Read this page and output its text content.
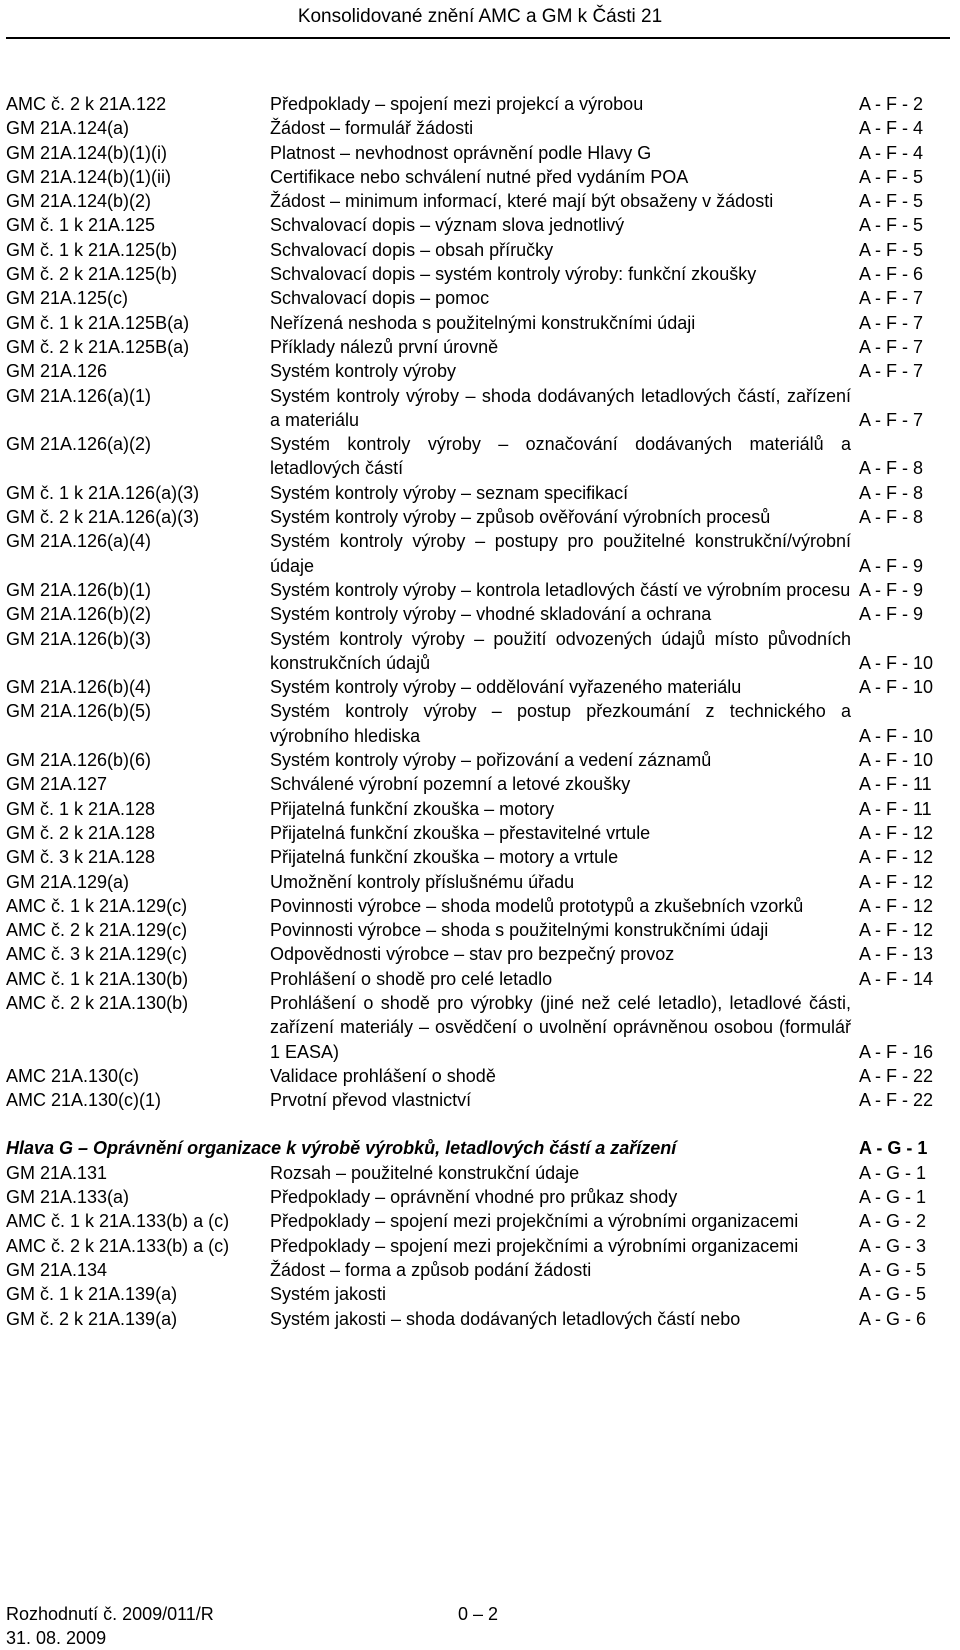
Konsolidované znění AMC a GM k Části 21
AMC č. 2 k 21A.122	Předpoklady – spojení mezi projekcí a výrobou	A - F - 2
GM 21A.124(a)	Žádost – formulář žádosti	A - F - 4
GM 21A.124(b)(1)(i)	Platnost – nevhodnost oprávnění podle Hlavy G	A - F - 4
GM 21A.124(b)(1)(ii)	Certifikace nebo schválení nutné před vydáním POA	A - F - 5
GM 21A.124(b)(2)	Žádost – minimum informací, které mají být obsaženy v žádosti	A - F - 5
GM č. 1 k 21A.125	Schvalovací dopis – význam slova jednotlivý	A - F - 5
GM č. 1 k 21A.125(b)	Schvalovací dopis – obsah příručky	A - F - 5
GM č. 2 k 21A.125(b)	Schvalovací dopis – systém kontroly výroby: funkční zkoušky	A - F - 6
GM 21A.125(c)	Schvalovací dopis – pomoc	A - F - 7
GM č. 1 k 21A.125B(a)	Neřízená neshoda s použitelnými konstrukčními údaji	A - F - 7
GM č. 2 k 21A.125B(a)	Příklady nálezů první úrovně	A - F - 7
GM 21A.126	Systém kontroly výroby	A - F - 7
GM 21A.126(a)(1)	Systém kontroly výroby – shoda dodávaných letadlových částí, zařízení a materiálu	A - F - 7
GM 21A.126(a)(2)	Systém kontroly výroby – označování dodávaných materiálů a letadlových částí	A - F - 8
GM č. 1 k 21A.126(a)(3)	Systém kontroly výroby – seznam specifikací	A - F - 8
GM č. 2 k 21A.126(a)(3)	Systém kontroly výroby – způsob ověřování výrobních procesů	A - F - 8
GM 21A.126(a)(4)	Systém kontroly výroby – postupy pro použitelné konstrukční/výrobní údaje	A - F - 9
GM 21A.126(b)(1)	Systém kontroly výroby – kontrola letadlových částí ve výrobním procesu A - F - 9
GM 21A.126(b)(2)	Systém kontroly výroby – vhodné skladování a ochrana	A - F - 9
GM 21A.126(b)(3)	Systém kontroly výroby – použití odvozených údajů místo původních konstrukčních údajů	A - F - 10
GM 21A.126(b)(4)	Systém kontroly výroby – oddělování vyřazeného materiálu	A - F - 10
GM 21A.126(b)(5)	Systém kontroly výroby – postup přezkoumání z technického a výrobního hlediska	A - F - 10
GM 21A.126(b)(6)	Systém kontroly výroby – pořizování a vedení záznamů	A - F - 10
GM 21A.127	Schválené výrobní pozemní a letové zkoušky	A - F - 11
GM č. 1 k 21A.128	Přijatelná funkční zkouška – motory	A - F - 11
GM č. 2 k 21A.128	Přijatelná funkční zkouška – přestavitelné vrtule	A - F - 12
GM č. 3 k 21A.128	Přijatelná funkční zkouška – motory a vrtule	A - F - 12
GM 21A.129(a)	Umožnění kontroly příslušnému úřadu	A - F - 12
AMC č. 1 k 21A.129(c)	Povinnosti výrobce – shoda modelů prototypů a zkušebních vzorků	A - F - 12
AMC č. 2 k 21A.129(c)	Povinnosti výrobce – shoda s použitelnými konstrukčními údaji	A - F - 12
AMC č. 3 k 21A.129(c)	Odpovědnosti výrobce – stav pro bezpečný provoz	A - F - 13
AMC č. 1 k 21A.130(b)	Prohlášení o shodě pro celé letadlo	A - F - 14
AMC č. 2 k 21A.130(b)	Prohlášení o shodě pro výrobky (jiné než celé letadlo), letadlové části, zařízení materiály – osvědčení o uvolnění oprávněnou osobou (formulář 1 EASA)	A - F - 16
AMC 21A.130(c)	Validace prohlášení o shodě	A - F - 22
AMC 21A.130(c)(1)	Prvotní převod vlastnictví	A - F - 22
Hlava G – Oprávnění organizace k výrobě výrobků, letadlových částí a zařízení	A - G - 1
GM 21A.131	Rozsah – použitelné konstrukční údaje	A - G - 1
GM 21A.133(a)	Předpoklady – oprávnění vhodné pro průkaz shody	A - G - 1
AMC č. 1 k 21A.133(b) a (c)	Předpoklady – spojení mezi projekčními a výrobními organizacemi	A - G - 2
AMC č. 2 k 21A.133(b) a (c)	Předpoklady – spojení mezi projekčními a výrobními organizacemi	A - G - 3
GM 21A.134	Žádost – forma a způsob podání žádosti	A - G - 5
GM č. 1 k 21A.139(a)	Systém jakosti	A - G - 5
GM č. 2 k 21A.139(a)	Systém jakosti – shoda dodávaných letadlových částí nebo	A - G - 6
Rozhodnutí č. 2009/011/R	0 – 2
31. 08. 2009
